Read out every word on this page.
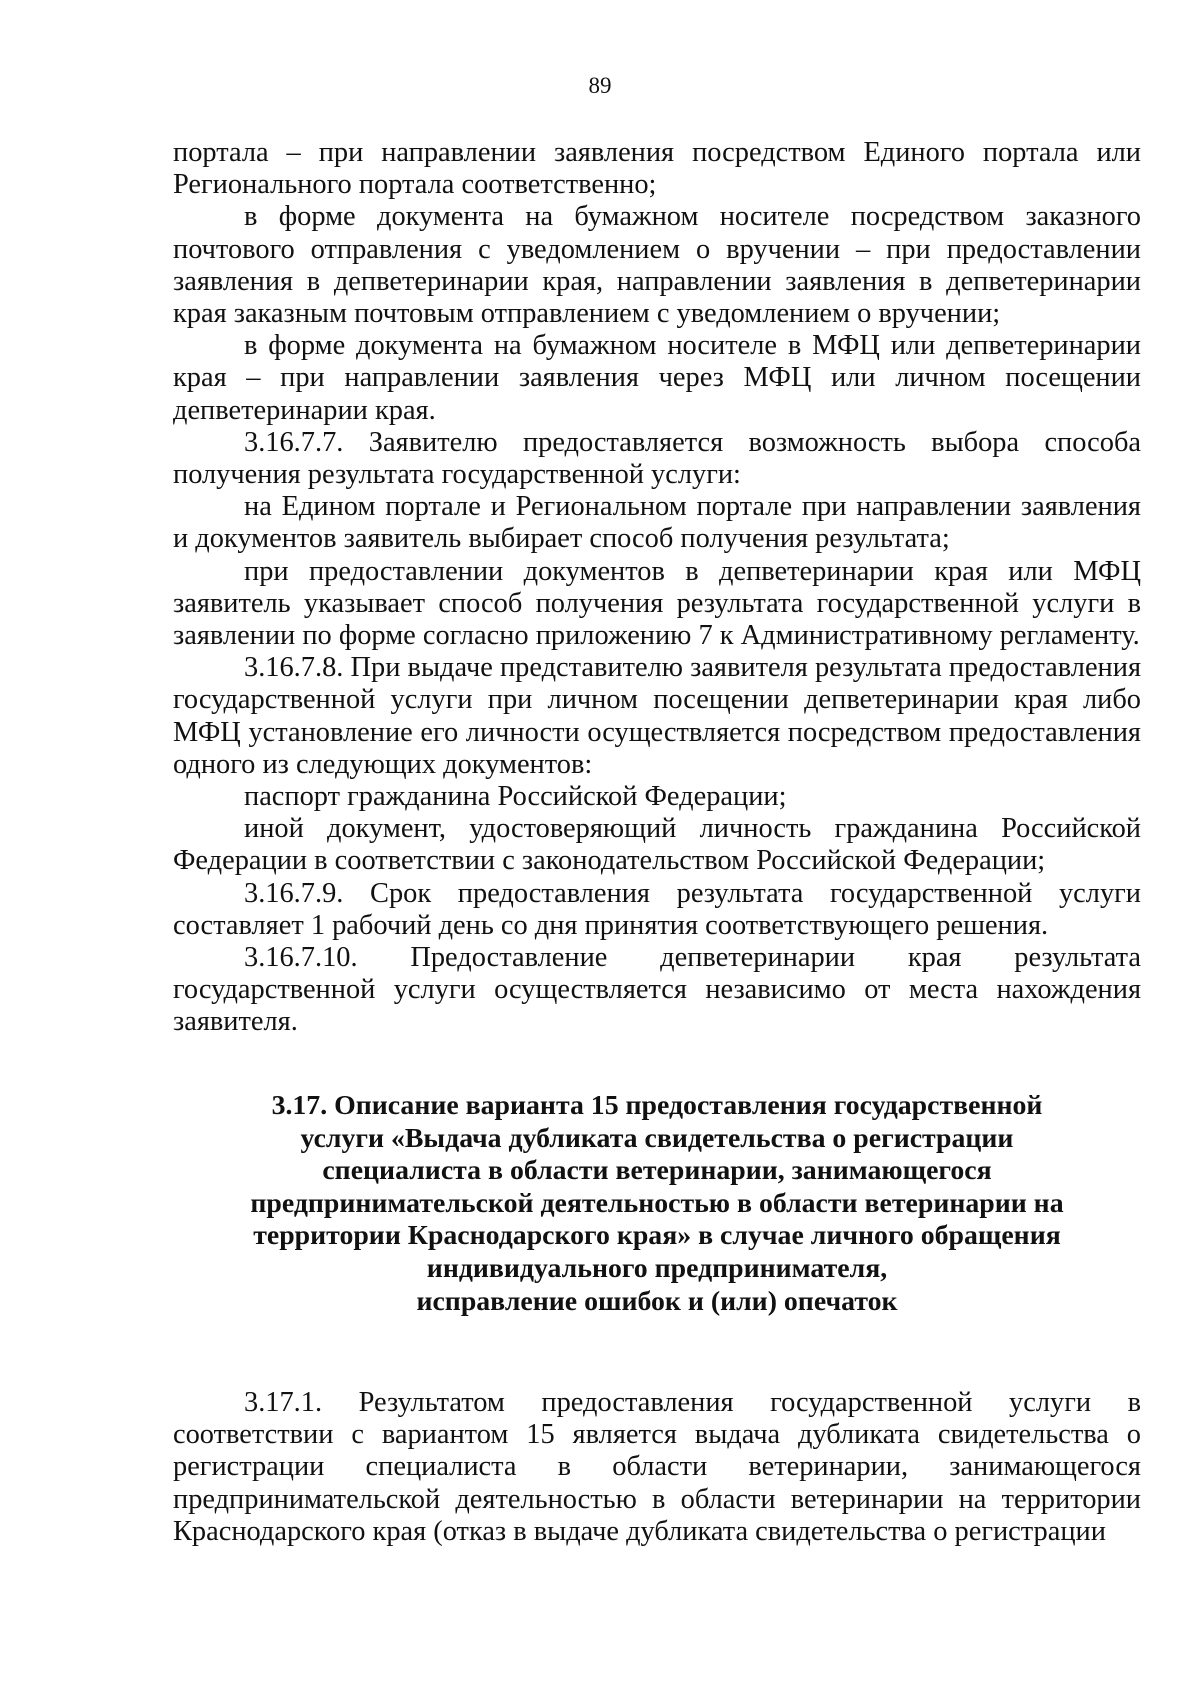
89

портала – при направлении заявления посредством Единого портала или Регионального портала соответственно;

в форме документа на бумажном носителе посредством заказного почтового отправления с уведомлением о вручении – при предоставлении заявления в депветеринарии края, направлении заявления в депветеринарии края заказным почтовым отправлением с уведомлением о вручении;

в форме документа на бумажном носителе в МФЦ или депветеринарии края – при направлении заявления через МФЦ или личном посещении депветеринарии края.

3.16.7.7. Заявителю предоставляется возможность выбора способа получения результата государственной услуги:

на Едином портале и Региональном портале при направлении заявления и документов заявитель выбирает способ получения результата;

при предоставлении документов в депветеринарии края или МФЦ заявитель указывает способ получения результата государственной услуги в заявлении по форме согласно приложению 7 к Административному регламенту.

3.16.7.8. При выдаче представителю заявителя результата предоставления государственной услуги при личном посещении депветеринарии края либо МФЦ установление его личности осуществляется посредством предоставления одного из следующих документов:

паспорт гражданина Российской Федерации;

иной документ, удостоверяющий личность гражданина Российской Федерации в соответствии с законодательством Российской Федерации;

3.16.7.9. Срок предоставления результата государственной услуги составляет 1 рабочий день со дня принятия соответствующего решения.

3.16.7.10. Предоставление депветеринарии края результата государственной услуги осуществляется независимо от места нахождения заявителя.

3.17. Описание варианта 15 предоставления государственной
услуги «Выдача дубликата свидетельства о регистрации
специалиста в области ветеринарии, занимающегося
предпринимательской деятельностью в области ветеринарии на
территории Краснодарского края» в случае личного обращения
индивидуального предпринимателя,
исправление ошибок и (или) опечаток

3.17.1. Результатом предоставления государственной услуги в соответствии с вариантом 15 является выдача дубликата свидетельства о регистрации специалиста в области ветеринарии, занимающегося предпринимательской деятельностью в области ветеринарии на территории Краснодарского края (отказ в выдаче дубликата свидетельства о регистрации
